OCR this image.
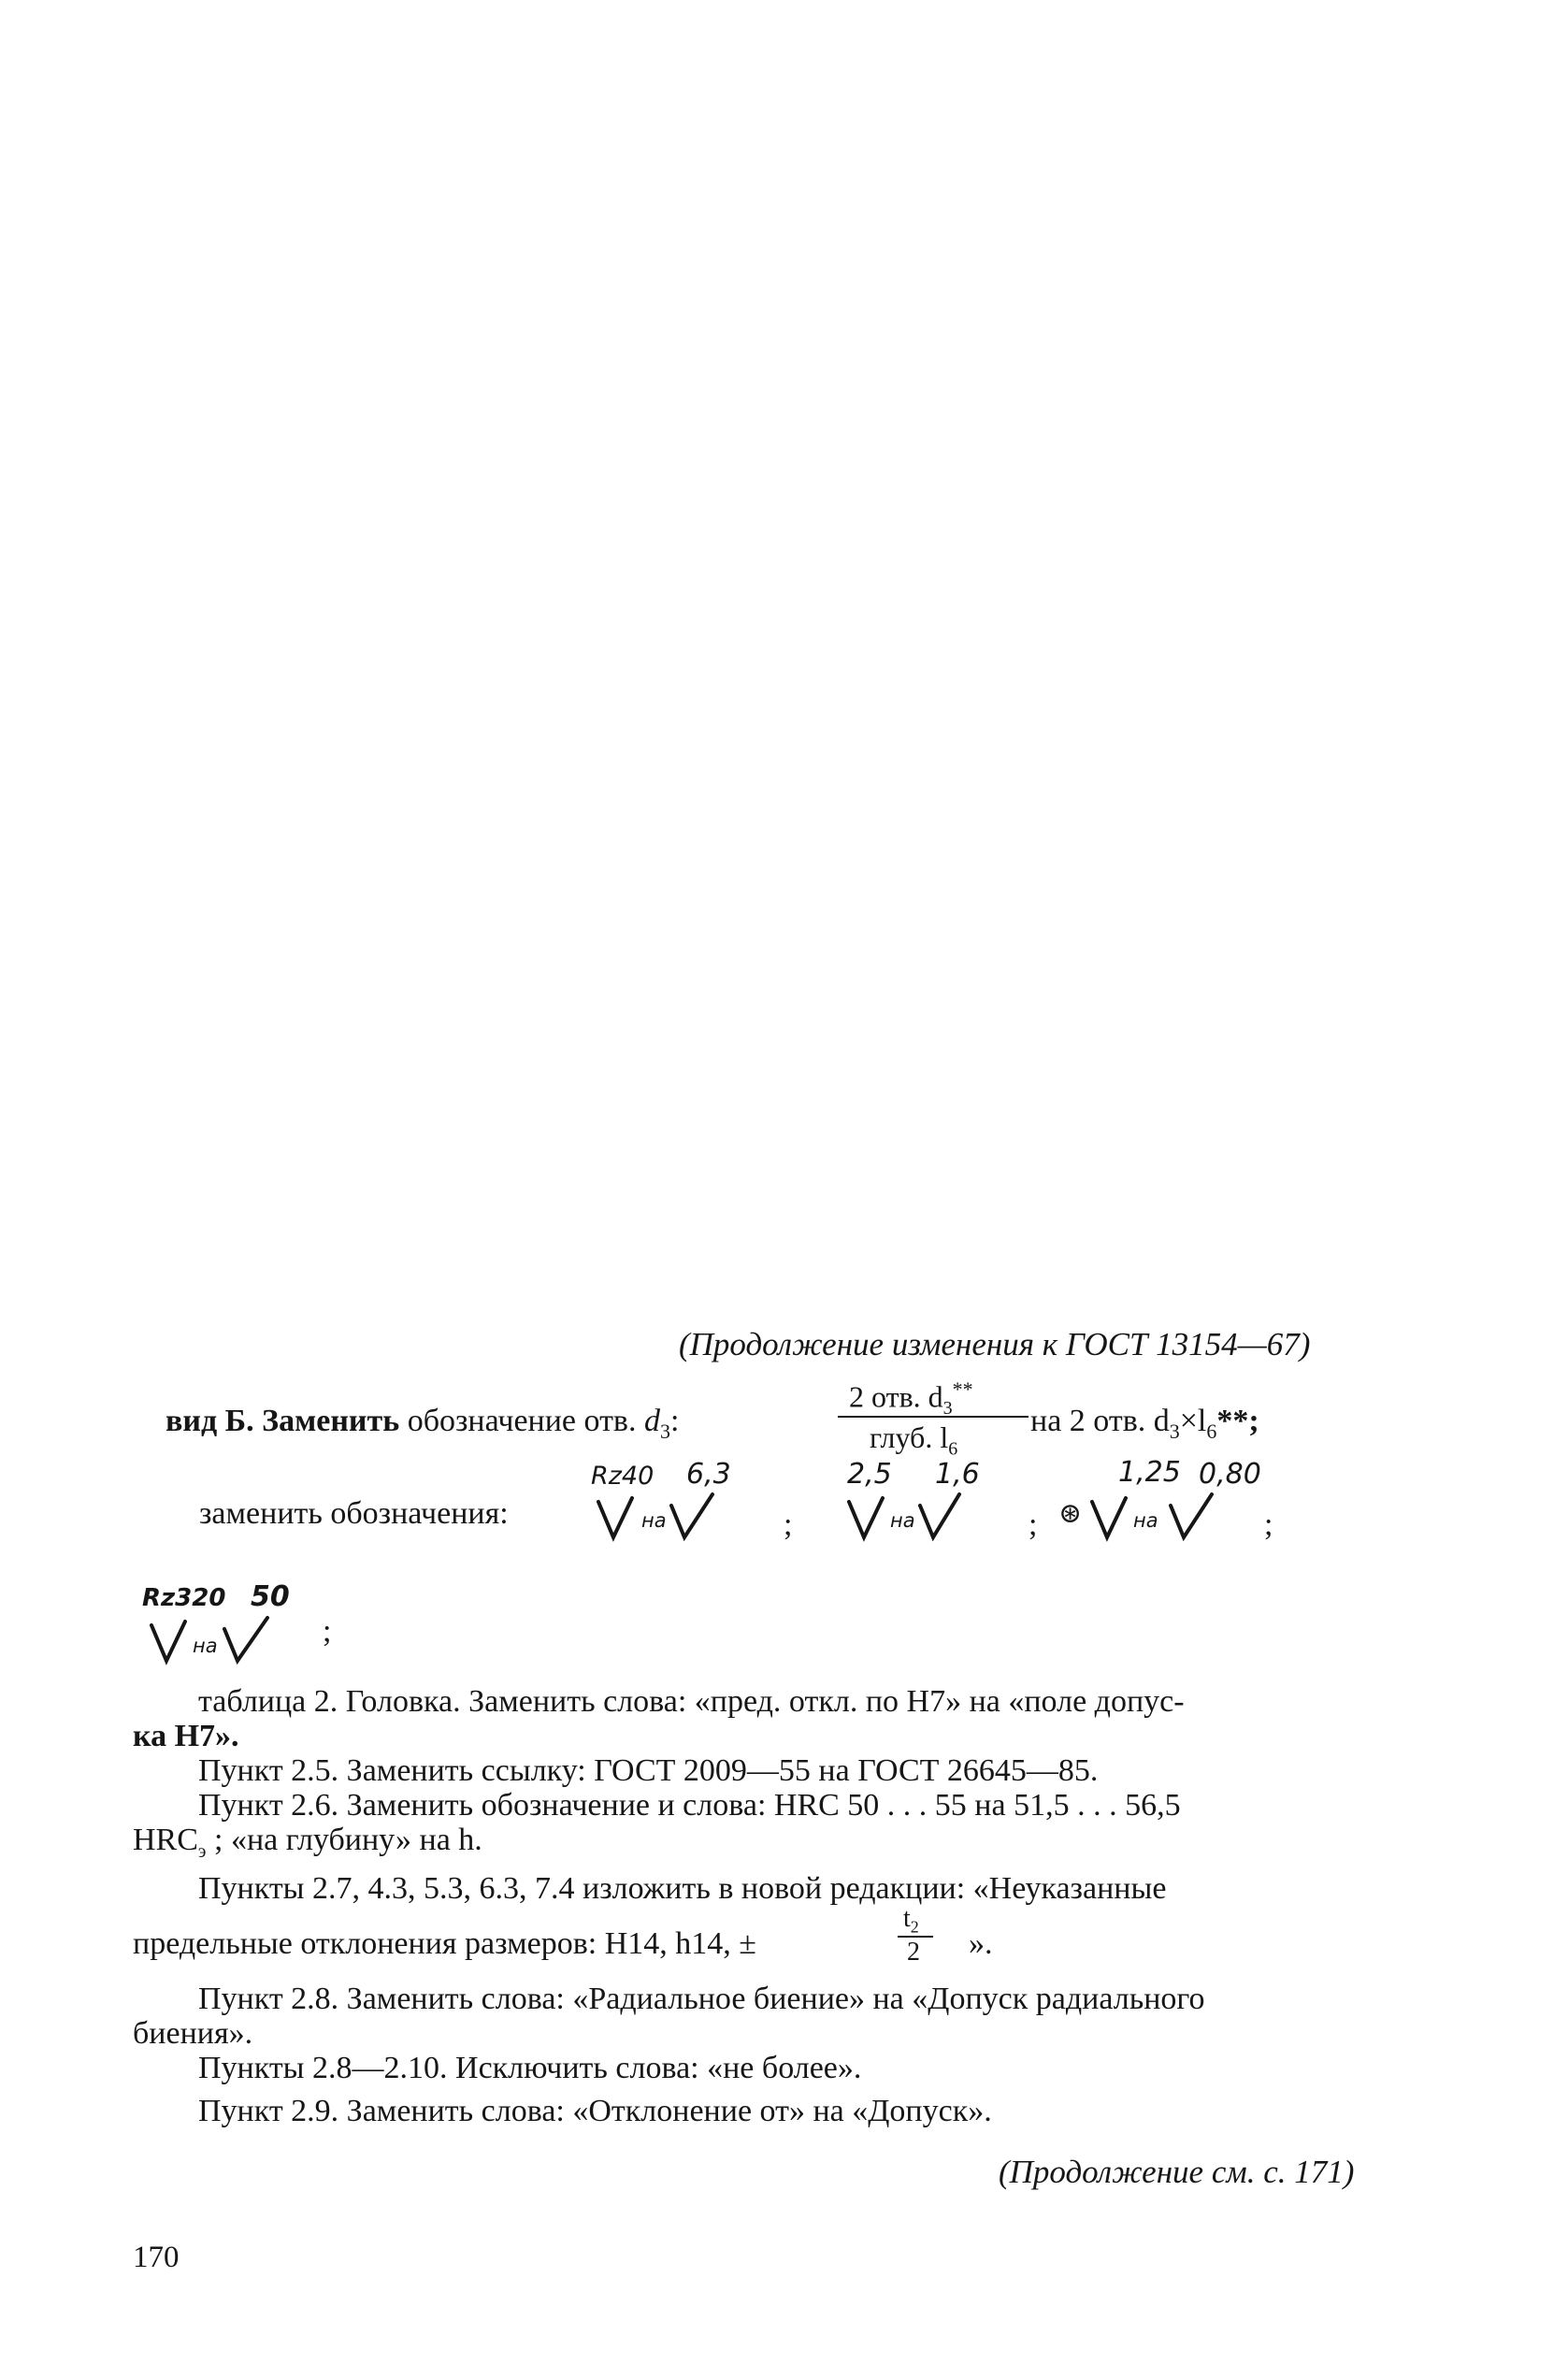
(Продолжение изменения к ГОСТ 13154—67)
вид Б. Заменить обозначение отв. $d_3$:
2 отв. $d_3^{**}$
глуб. $l_6$
на 2 отв. $d_3\times l_6**$;
заменить обозначения:
Rz40 6,3
на	;
2,5 1,6
на	; ⊛
1,25 0,80
на	;
Rz320 50
на	;
таблица 2. Головка. Заменить слова: «пред. откл. по H7» на «поле допус-
ка H7».
Пункт 2.5. Заменить ссылку: ГОСТ 2009—55 на ГОСТ 26645—85.
Пункт 2.6. Заменить обозначение и слова: HRC 50 . . . 55 на 51,5 . . . 56,5
$HRC_э$ ; «на глубину» на h.
Пункты 2.7, 4.3, 5.3, 6.3, 7.4 изложить в новой редакции: «Неуказанные
предельные отклонения размеров: H14, h14, ±
$t_2$
2 ».
Пункт 2.8. Заменить слова: «Радиальное биение» на «Допуск радиального
биения».
Пункты 2.8—2.10. Исключить слова: «не более».
Пункт 2.9. Заменить слова: «Отклонение от» на «Допуск».
(Продолжение см. с. 171)
170
